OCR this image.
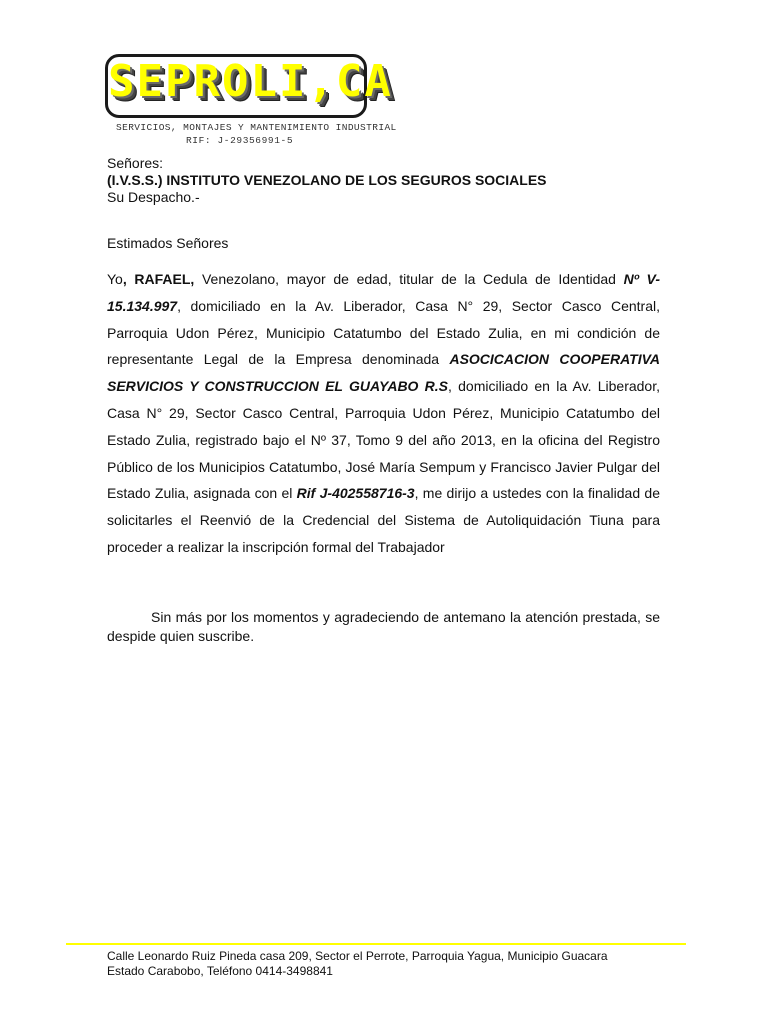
SEPROLI,CA
SERVICIOS, MONTAJES Y MANTENIMIENTO INDUSTRIAL
RIF: J-29356991-5
Señores:
(I.V.S.S.) INSTITUTO VENEZOLANO DE LOS SEGUROS SOCIALES
Su Despacho.-
Estimados Señores
Yo, RAFAEL, Venezolano, mayor de edad, titular de la Cedula de Identidad Nº V-15.134.997, domiciliado en la Av. Liberador, Casa N° 29, Sector Casco Central, Parroquia Udon Pérez, Municipio Catatumbo del Estado Zulia, en mi condición de representante Legal de la Empresa denominada ASOCICACION COOPERATIVA SERVICIOS Y CONSTRUCCION EL GUAYABO R.S, domiciliado en la Av. Liberador, Casa N° 29, Sector Casco Central, Parroquia Udon Pérez, Municipio Catatumbo del Estado Zulia, registrado bajo el Nº 37, Tomo 9 del año 2013, en la oficina del Registro Público de los Municipios Catatumbo, José María Sempum y Francisco Javier Pulgar del Estado Zulia, asignada con el Rif J-402558716-3, me dirijo a ustedes con la finalidad de solicitarles el Reenvió de la Credencial del Sistema de Autoliquidación Tiuna para proceder a realizar la inscripción formal del Trabajador
Sin más por los momentos y agradeciendo de antemano la atención prestada, se despide quien suscribe.
Calle Leonardo Ruiz Pineda casa 209, Sector el Perrote, Parroquia Yagua, Municipio Guacara
Estado Carabobo, Teléfono 0414-3498841
